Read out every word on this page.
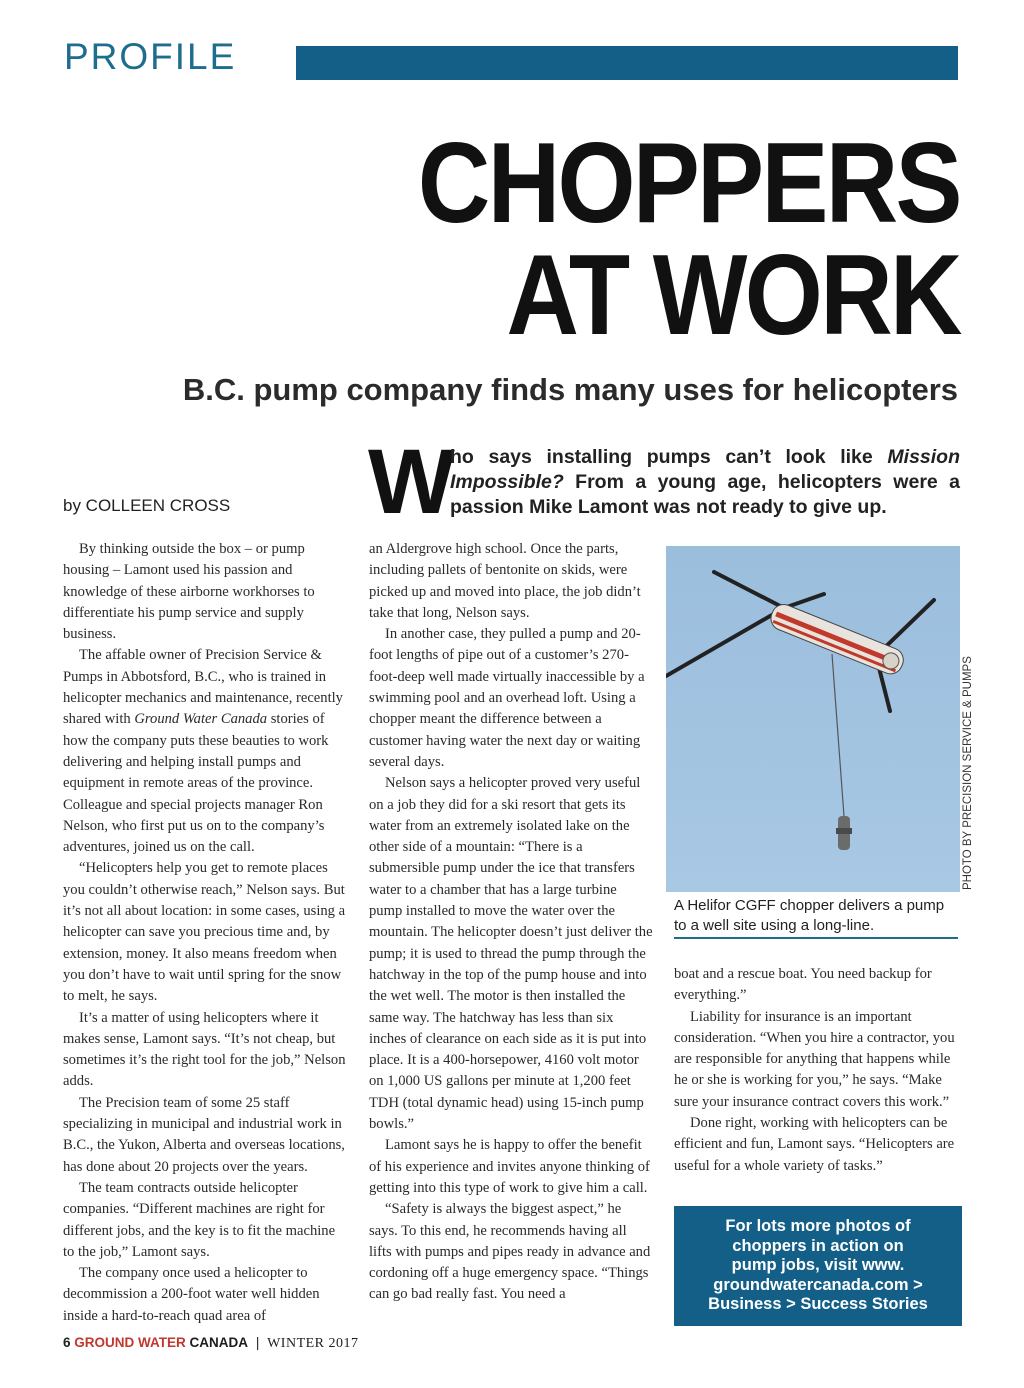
PROFILE
CHOPPERS
AT WORK
B.C. pump company finds many uses for helicopters
by COLLEEN CROSS W
ho says installing pumps can’t look like Mission Impossible? From a young age, helicopters were a passion Mike Lamont was not ready to give up.

By thinking outside the box – or pump housing – Lamont used his passion and knowledge of these airborne workhorses to differentiate his pump service and supply business.

The affable owner of Precision Service & Pumps in Abbotsford, B.C., who is trained in helicopter mechanics and maintenance, recently shared with Ground Water Canada stories of how the company puts these beauties to work delivering and helping install pumps and equipment in remote areas of the province. Colleague and special projects manager Ron Nelson, who first put us on to the company’s adventures, joined us on the call.

“Helicopters help you get to remote places you couldn’t otherwise reach,” Nelson says. But it’s not all about location: in some cases, using a helicopter can save you precious time and, by extension, money. It also means freedom when you don’t have to wait until spring for the snow to melt, he says.

It’s a matter of using helicopters where it makes sense, Lamont says. “It’s not cheap, but sometimes it’s the right tool for the job,” Nelson adds.

The Precision team of some 25 staff specializing in municipal and industrial work in B.C., the Yukon, Alberta and overseas locations, has done about 20 projects over the years.

The team contracts outside helicopter companies. “Different machines are right for different jobs, and the key is to fit the machine to the job,” Lamont says.

The company once used a helicopter to decommission a 200-foot water well hidden inside a hard-to-reach quad area of

an Aldergrove high school. Once the parts, including pallets of bentonite on skids, were picked up and moved into place, the job didn’t take that long, Nelson says.

In another case, they pulled a pump and 20-foot lengths of pipe out of a customer’s 270-foot-deep well made virtually inaccessible by a swimming pool and an overhead loft. Using a chopper meant the difference between a customer having water the next day or waiting several days.

Nelson says a helicopter proved very useful on a job they did for a ski resort that gets its water from an extremely isolated lake on the other side of a mountain: “There is a submersible pump under the ice that transfers water to a chamber that has a large turbine pump installed to move the water over the mountain. The helicopter doesn’t just deliver the pump; it is used to thread the pump through the hatchway in the top of the pump house and into the wet well. The motor is then installed the same way. The hatchway has less than six inches of clearance on each side as it is put into place. It is a 400-horsepower, 4160 volt motor on 1,000 US gallons per minute at 1,200 feet TDH (total dynamic head) using 15-inch pump bowls.”

Lamont says he is happy to offer the benefit of his experience and invites anyone thinking of getting into this type of work to give him a call.

“Safety is always the biggest aspect,” he says. To this end, he recommends having all lifts with pumps and pipes ready in advance and cordoning off a huge emergency space. “Things can go bad really fast. You need a

PHOTO BY PRECISION SERVICE & PUMPS
A Helifor CGFF chopper delivers a pump to a well site using a long-line.

boat and a rescue boat. You need backup for everything.”

Liability for insurance is an important consideration. “When you hire a contractor, you are responsible for anything that happens while he or she is working for you,” he says. “Make sure your insurance contract covers this work.”

Done right, working with helicopters can be efficient and fun, Lamont says. “Helicopters are useful for a whole variety of tasks.”

For lots more photos of
choppers in action on
pump jobs, visit www.
groundwatercanada.com >
Business > Success Stories
6 GROUND WATER CANADA | WINTER 2017
